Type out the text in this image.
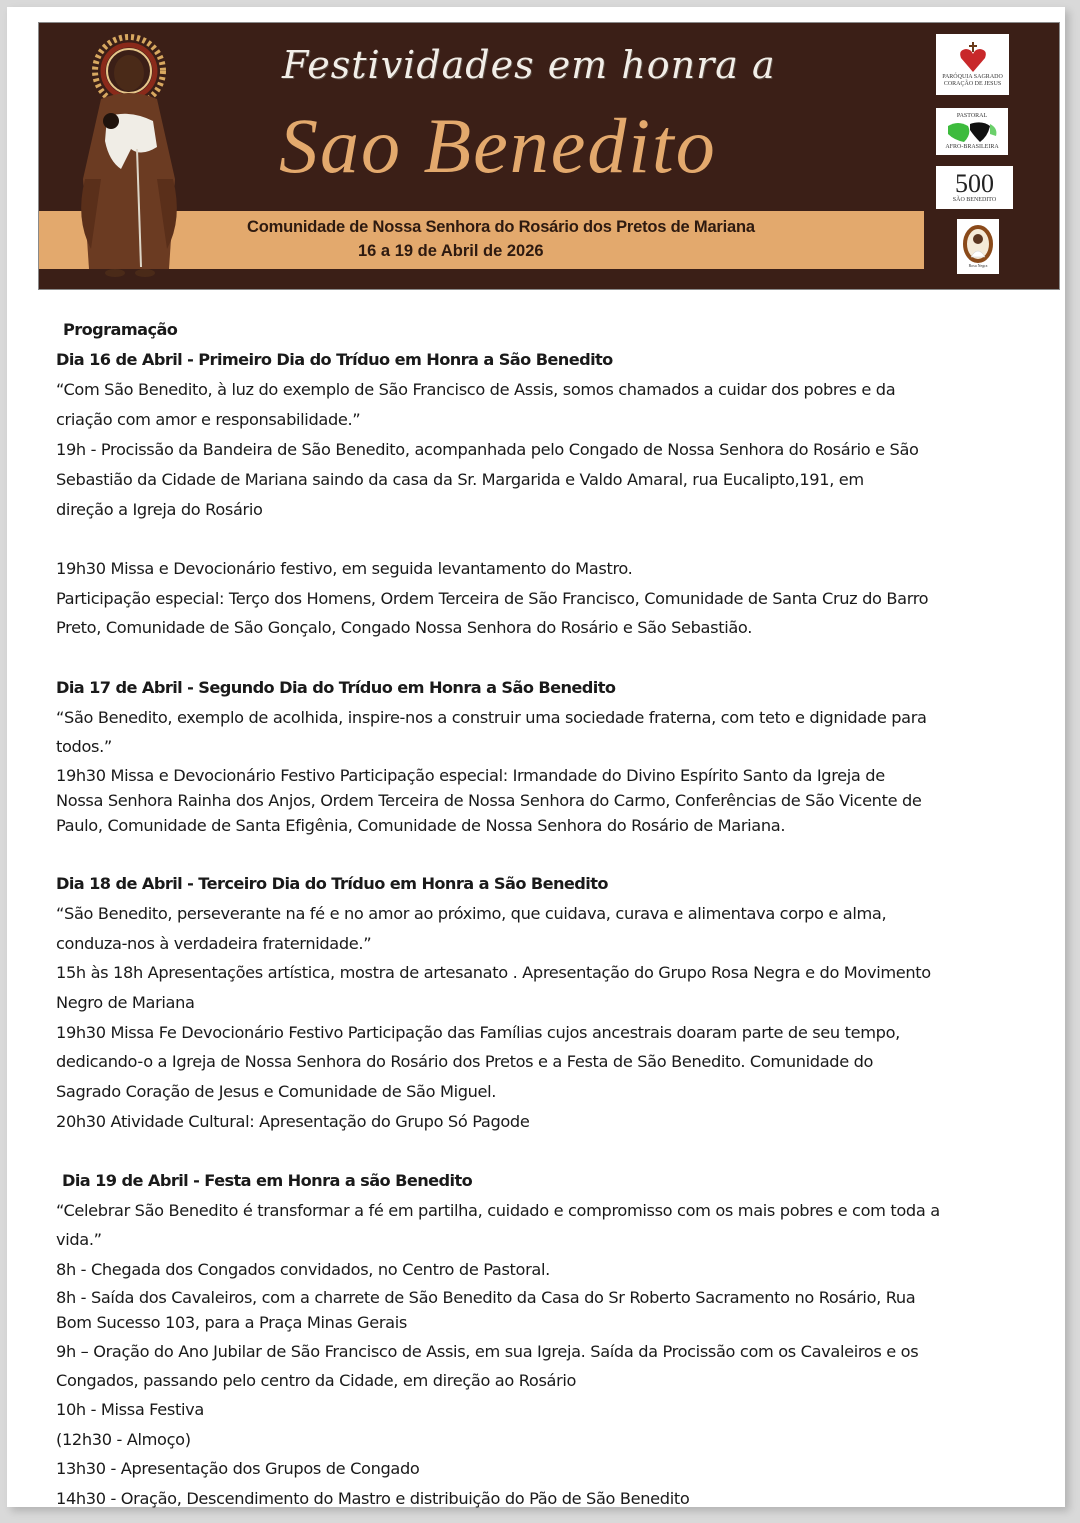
Comunidade de Nossa Senhora do Rosário dos Pretos de Mariana
16 a 19 de Abril de 2026
Festividades em honra a
Sao Benedito
PARÓQUIA SAGRADO
CORAÇÃO DE JESUS
PASTORAL
AFRO-BRASILEIRA
500
SÃO BENEDITO
Rosa Negra
Programação
Dia 16 de Abril - Primeiro Dia do Tríduo em Honra a São Benedito
“Com São Benedito, à luz do exemplo de São Francisco de Assis, somos chamados a cuidar dos pobres e da
criação com amor e responsabilidade.”
19h - Procissão da Bandeira de São Benedito, acompanhada pelo Congado de Nossa Senhora do Rosário e São
Sebastião da Cidade de Mariana saindo da casa da Sr. Margarida e Valdo Amaral, rua Eucalipto,191, em
direção a Igreja do Rosário
19h30 Missa e Devocionário festivo, em seguida levantamento do Mastro.
Participação especial: Terço dos Homens, Ordem Terceira de São Francisco, Comunidade de Santa Cruz do Barro
Preto, Comunidade de São Gonçalo, Congado Nossa Senhora do Rosário e São Sebastião.
Dia 17 de Abril - Segundo Dia do Tríduo em Honra a São Benedito
“São Benedito, exemplo de acolhida, inspire-nos a construir uma sociedade fraterna, com teto e dignidade para
todos.”
19h30 Missa e Devocionário Festivo Participação especial: Irmandade do Divino Espírito Santo da Igreja de
Nossa Senhora Rainha dos Anjos, Ordem Terceira de Nossa Senhora do Carmo, Conferências de São Vicente de
Paulo, Comunidade de Santa Efigênia, Comunidade de Nossa Senhora do Rosário de Mariana.
Dia 18 de Abril - Terceiro Dia do Tríduo em Honra a São Benedito
“São Benedito, perseverante na fé e no amor ao próximo, que cuidava, curava e alimentava corpo e alma,
conduza-nos à verdadeira fraternidade.”
15h às 18h Apresentações artística, mostra de artesanato . Apresentação do Grupo Rosa Negra e do Movimento
Negro de Mariana
19h30 Missa Fe Devocionário Festivo Participação das Famílias cujos ancestrais doaram parte de seu tempo,
dedicando-o a Igreja de Nossa Senhora do Rosário dos Pretos e a Festa de São Benedito. Comunidade do
Sagrado Coração de Jesus e Comunidade de São Miguel.
20h30 Atividade Cultural: Apresentação do Grupo Só Pagode
Dia 19 de Abril - Festa em Honra a são Benedito
“Celebrar São Benedito é transformar a fé em partilha, cuidado e compromisso com os mais pobres e com toda a
vida.”
8h - Chegada dos Congados convidados, no Centro de Pastoral.
8h - Saída dos Cavaleiros, com a charrete de São Benedito da Casa do Sr Roberto Sacramento no Rosário, Rua
Bom Sucesso 103, para a Praça Minas Gerais
9h – Oração do Ano Jubilar de São Francisco de Assis, em sua Igreja. Saída da Procissão com os Cavaleiros e os
Congados, passando pelo centro da Cidade, em direção ao Rosário
10h - Missa Festiva
(12h30 - Almoço)
13h30 - Apresentação dos Grupos de Congado
14h30 - Oração, Descendimento do Mastro e distribuição do Pão de São Benedito
